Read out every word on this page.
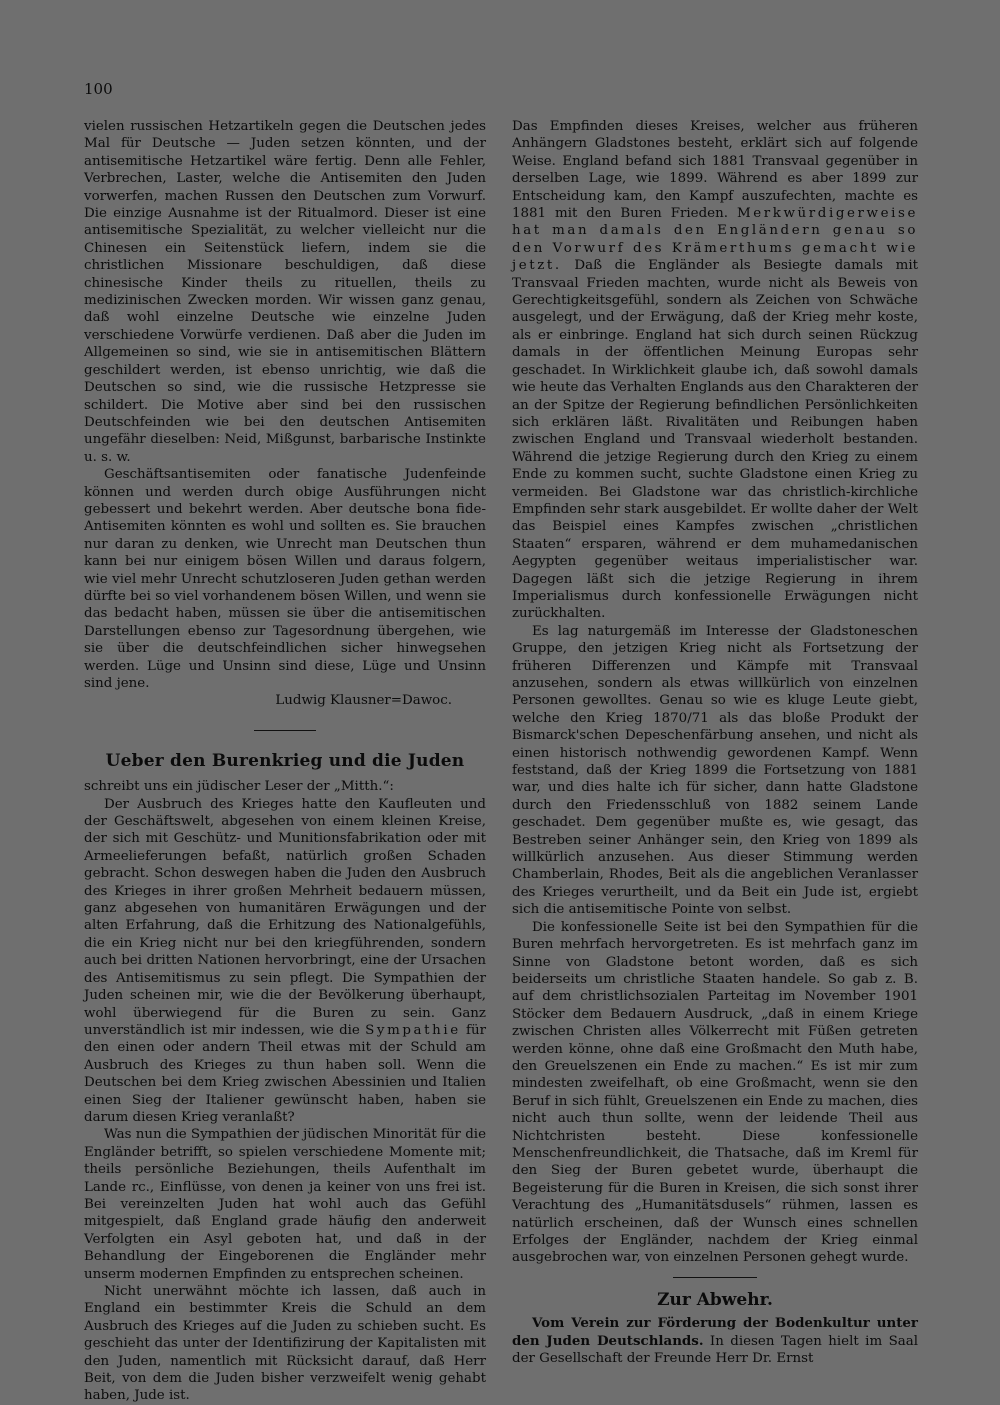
100

vielen russischen Hetzartikeln gegen die Deutschen jedes Mal für Deutsche — Juden setzen könnten, und der antisemitische Hetzartikel wäre fertig. Denn alle Fehler, Verbrechen, Laster, welche die Antisemiten den Juden vorwerfen, machen Russen den Deutschen zum Vorwurf. Die einzige Ausnahme ist der Ritualmord. Dieser ist eine antisemitische Spezialität, zu welcher vielleicht nur die Chinesen ein Seitenstück liefern, indem sie die christlichen Missionare beschuldigen, daß diese chinesische Kinder theils zu rituellen, theils zu medizinischen Zwecken morden. Wir wissen ganz genau, daß wohl einzelne Deutsche wie einzelne Juden verschiedene Vorwürfe verdienen. Daß aber die Juden im Allgemeinen so sind, wie sie in antisemitischen Blättern geschildert werden, ist ebenso unrichtig, wie daß die Deutschen so sind, wie die russische Hetzpresse sie schildert. Die Motive aber sind bei den russischen Deutschfeinden wie bei den deutschen Antisemiten ungefähr dieselben: Neid, Mißgunst, barbarische Instinkte u. s. w.

Geschäftsantisemiten oder fanatische Judenfeinde können und werden durch obige Ausführungen nicht gebessert und bekehrt werden. Aber deutsche bona fide-Antisemiten könnten es wohl und sollten es. Sie brauchen nur daran zu denken, wie Unrecht man Deutschen thun kann bei nur einigem bösen Willen und daraus folgern, wie viel mehr Unrecht schutzloseren Juden gethan werden dürfte bei so viel vorhandenem bösen Willen, und wenn sie das bedacht haben, müssen sie über die antisemitischen Darstellungen ebenso zur Tagesordnung übergehen, wie sie über die deutschfeindlichen sicher hinwegsehen werden. Lüge und Unsinn sind diese, Lüge und Unsinn sind jene.

Ludwig Klausner=Dawoc.

Ueber den Burenkrieg und die Juden

schreibt uns ein jüdischer Leser der „Mitth.“:

Der Ausbruch des Krieges hatte den Kaufleuten und der Geschäftswelt, abgesehen von einem kleinen Kreise, der sich mit Geschütz- und Munitionsfabrikation oder mit Armeelieferungen befaßt, natürlich großen Schaden gebracht. Schon deswegen haben die Juden den Ausbruch des Krieges in ihrer großen Mehrheit bedauern müssen, ganz abgesehen von humanitären Erwägungen und der alten Erfahrung, daß die Erhitzung des Nationalgefühls, die ein Krieg nicht nur bei den kriegführenden, sondern auch bei dritten Nationen hervorbringt, eine der Ursachen des Antisemitismus zu sein pflegt. Die Sympathien der Juden scheinen mir, wie die der Bevölkerung überhaupt, wohl überwiegend für die Buren zu sein. Ganz unverständlich ist mir indessen, wie die Sympathie für den einen oder andern Theil etwas mit der Schuld am Ausbruch des Krieges zu thun haben soll. Wenn die Deutschen bei dem Krieg zwischen Abessinien und Italien einen Sieg der Italiener gewünscht haben, haben sie darum diesen Krieg veranlaßt?

Was nun die Sympathien der jüdischen Minorität für die Engländer betrifft, so spielen verschiedene Momente mit; theils persönliche Beziehungen, theils Aufenthalt im Lande rc., Einflüsse, von denen ja keiner von uns frei ist. Bei vereinzelten Juden hat wohl auch das Gefühl mitgespielt, daß England grade häufig den anderweit Verfolgten ein Asyl geboten hat, und daß in der Behandlung der Eingeborenen die Engländer mehr unserm modernen Empfinden zu entsprechen scheinen.

Nicht unerwähnt möchte ich lassen, daß auch in England ein bestimmter Kreis die Schuld an dem Ausbruch des Krieges auf die Juden zu schieben sucht. Es geschieht das unter der Identifizirung der Kapitalisten mit den Juden, namentlich mit Rücksicht darauf, daß Herr Beit, von dem die Juden bisher verzweifelt wenig gehabt haben, Jude ist.

Das Empfinden dieses Kreises, welcher aus früheren Anhängern Gladstones besteht, erklärt sich auf folgende Weise. England befand sich 1881 Transvaal gegenüber in derselben Lage, wie 1899. Während es aber 1899 zur Entscheidung kam, den Kampf auszufechten, machte es 1881 mit den Buren Frieden. Merkwürdigerweise hat man damals den Engländern genau so den Vorwurf des Krämerthums gemacht wie jetzt. Daß die Engländer als Besiegte damals mit Transvaal Frieden machten, wurde nicht als Beweis von Gerechtigkeitsgefühl, sondern als Zeichen von Schwäche ausgelegt, und der Erwägung, daß der Krieg mehr koste, als er einbringe. England hat sich durch seinen Rückzug damals in der öffentlichen Meinung Europas sehr geschadet. In Wirklichkeit glaube ich, daß sowohl damals wie heute das Verhalten Englands aus den Charakteren der an der Spitze der Regierung befindlichen Persönlichkeiten sich erklären läßt. Rivalitäten und Reibungen haben zwischen England und Transvaal wiederholt bestanden. Während die jetzige Regierung durch den Krieg zu einem Ende zu kommen sucht, suchte Gladstone einen Krieg zu vermeiden. Bei Gladstone war das christlich-kirchliche Empfinden sehr stark ausgebildet. Er wollte daher der Welt das Beispiel eines Kampfes zwischen „christlichen Staaten“ ersparen, während er dem muhamedanischen Aegypten gegenüber weitaus imperialistischer war. Dagegen läßt sich die jetzige Regierung in ihrem Imperialismus durch konfessionelle Erwägungen nicht zurückhalten.

Es lag naturgemäß im Interesse der Gladstoneschen Gruppe, den jetzigen Krieg nicht als Fortsetzung der früheren Differenzen und Kämpfe mit Transvaal anzusehen, sondern als etwas willkürlich von einzelnen Personen gewolltes. Genau so wie es kluge Leute giebt, welche den Krieg 1870/71 als das bloße Produkt der Bismarck'schen Depeschenfärbung ansehen, und nicht als einen historisch nothwendig gewordenen Kampf. Wenn feststand, daß der Krieg 1899 die Fortsetzung von 1881 war, und dies halte ich für sicher, dann hatte Gladstone durch den Friedensschluß von 1882 seinem Lande geschadet. Dem gegenüber mußte es, wie gesagt, das Bestreben seiner Anhänger sein, den Krieg von 1899 als willkürlich anzusehen. Aus dieser Stimmung werden Chamberlain, Rhodes, Beit als die angeblichen Veranlasser des Krieges verurtheilt, und da Beit ein Jude ist, ergiebt sich die antisemitische Pointe von selbst.

Die konfessionelle Seite ist bei den Sympathien für die Buren mehrfach hervorgetreten. Es ist mehrfach ganz im Sinne von Gladstone betont worden, daß es sich beiderseits um christliche Staaten handele. So gab z. B. auf dem christlichsozialen Parteitag im November 1901 Stöcker dem Bedauern Ausdruck, „daß in einem Kriege zwischen Christen alles Völkerrecht mit Füßen getreten werden könne, ohne daß eine Großmacht den Muth habe, den Greuelszenen ein Ende zu machen.“ Es ist mir zum mindesten zweifelhaft, ob eine Großmacht, wenn sie den Beruf in sich fühlt, Greuelszenen ein Ende zu machen, dies nicht auch thun sollte, wenn der leidende Theil aus Nichtchristen besteht. Diese konfessionelle Menschenfreundlichkeit, die Thatsache, daß im Kreml für den Sieg der Buren gebetet wurde, überhaupt die Begeisterung für die Buren in Kreisen, die sich sonst ihrer Verachtung des „Humanitätsdusels“ rühmen, lassen es natürlich erscheinen, daß der Wunsch eines schnellen Erfolges der Engländer, nachdem der Krieg einmal ausgebrochen war, von einzelnen Personen gehegt wurde.

Zur Abwehr.

Vom Verein zur Förderung der Bodenkultur unter den Juden Deutschlands. In diesen Tagen hielt im Saal der Gesellschaft der Freunde Herr Dr. Ernst
